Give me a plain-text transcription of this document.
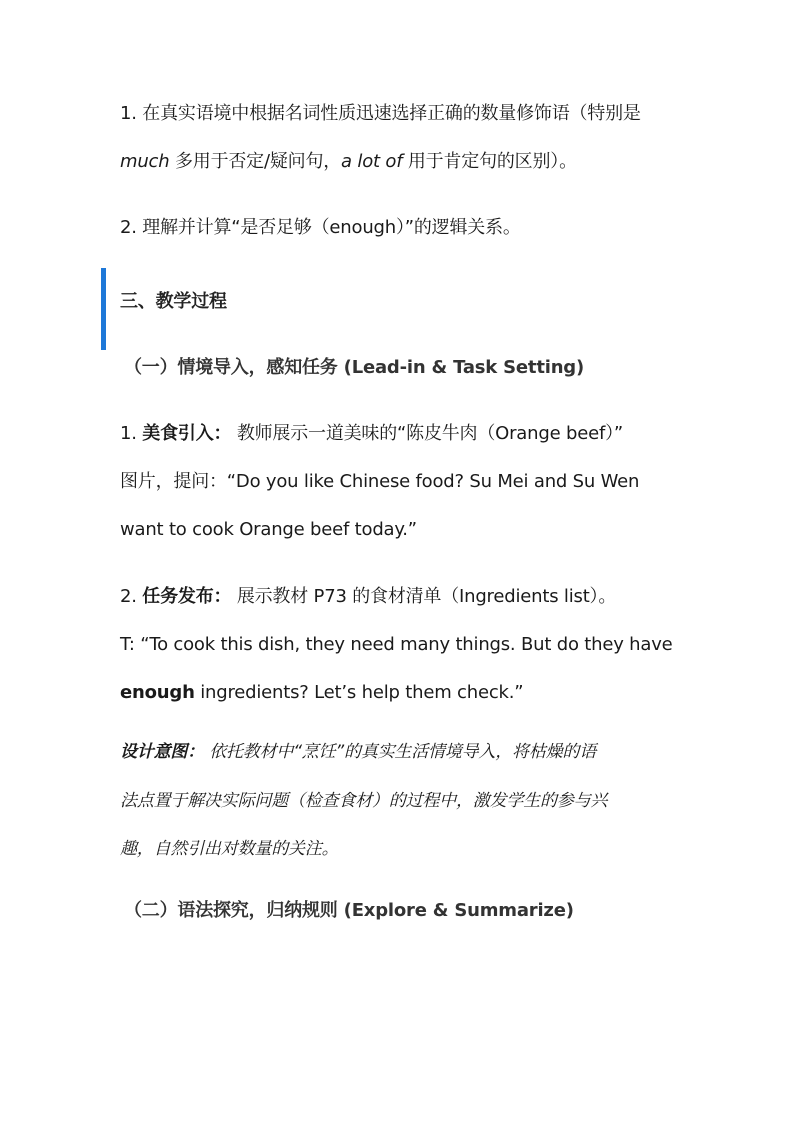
1. 在真实语境中根据名词性质迅速选择正确的数量修饰语（特别是
much 多用于否定/疑问句，a lot of 用于肯定句的区别）。
2. 理解并计算“是否足够（enough）”的逻辑关系。
三、教学过程
（一）情境导入，感知任务 (Lead-in & Task Setting)
1. 美食引入： 教师展示一道美味的“陈皮牛肉（Orange beef）”
图片，提问：“Do you like Chinese food? Su Mei and Su Wen
want to cook Orange beef today.”
2. 任务发布： 展示教材 P73 的食材清单（Ingredients list）。
T: “To cook this dish, they need many things. But do they have
enough ingredients? Let’s help them check.”
设计意图： 依托教材中“烹饪”的真实生活情境导入，将枯燥的语
法点置于解决实际问题（检查食材）的过程中，激发学生的参与兴
趣，自然引出对数量的关注。
（二）语法探究，归纳规则 (Explore & Summarize)
